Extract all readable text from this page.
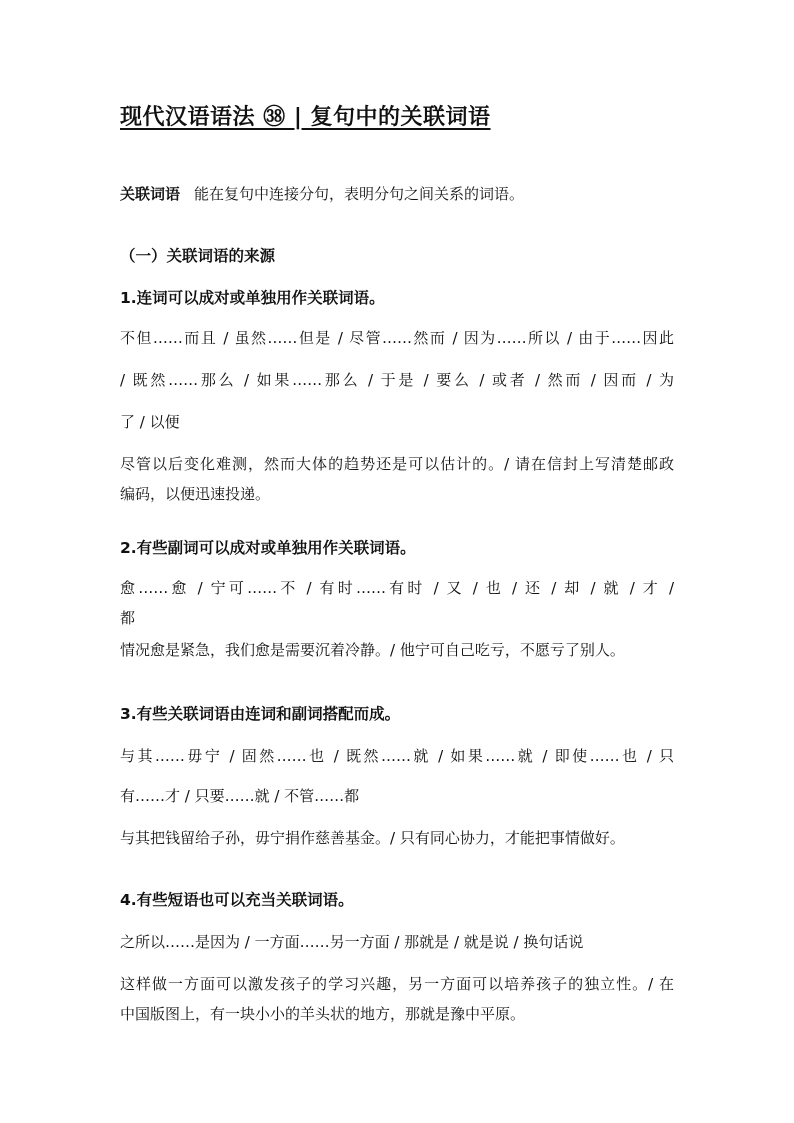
现代汉语语法 ㊳ | 复句中的关联词语
关联词语 能在复句中连接分句，表明分句之间关系的词语。
（一）关联词语的来源
1.连词可以成对或单独用作关联词语。
不但……而且 / 虽然……但是 / 尽管……然而 / 因为……所以 / 由于……因此
/ 既然……那么 / 如果……那么 / 于是 / 要么 / 或者 / 然而 / 因而 / 为
了 / 以便
尽管以后变化难测，然而大体的趋势还是可以估计的。/ 请在信封上写清楚邮政
编码，以便迅速投递。
2.有些副词可以成对或单独用作关联词语。
愈……愈 / 宁可……不 / 有时……有时 / 又 / 也 / 还 / 却 / 就 / 才 /
都
情况愈是紧急，我们愈是需要沉着冷静。/ 他宁可自己吃亏，不愿亏了别人。
3.有些关联词语由连词和副词搭配而成。
与其……毋宁 / 固然……也 / 既然……就 / 如果……就 / 即使……也 / 只
有……才 / 只要……就 / 不管……都
与其把钱留给子孙，毋宁捐作慈善基金。/ 只有同心协力，才能把事情做好。
4.有些短语也可以充当关联词语。
之所以……是因为 / 一方面……另一方面 / 那就是 / 就是说 / 换句话说
这样做一方面可以激发孩子的学习兴趣，另一方面可以培养孩子的独立性。/ 在
中国版图上，有一块小小的羊头状的地方，那就是豫中平原。
